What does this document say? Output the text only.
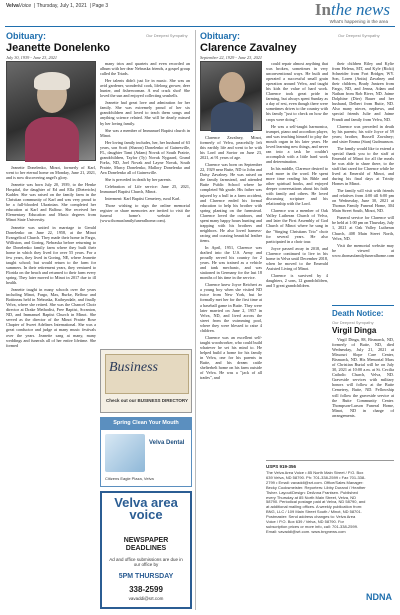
VelvaVoice  | Thursday, July 1, 2021  | Page 3	Inthe news
What's happening in the area
Obituary:	Our Deepest Sympathy
Jeanette Donelenko
July 30, 1939 - June 23, 2021

Jeanette Donelenko, Minot, formerly of Karl, went to her eternal home on Monday, June 21, 2021, and is now discovering angel's glory.

Jeanette was born July 20, 1939, to the Henke Hospital, the daughter of Ed and Ella (Dieterichs) Kadder. She was raised on the family farm in the Christian community of Karl and was very proud to be a full-blooded Ukrainian. She completed her education at Karl and Balfour. She received her Elementary Education and Music degrees from Minot State University.

Jeanette was united in marriage to Gerald Donelenko on June 22, 1958, at the Minot Evangelical Church. They made their home in Fargo, Williston, and Goring, Nebraska before returning to the Donelenko family farm where they built their home in which they lived for over 55 years. For a few years, they lived in Goring, NE, where Jeanette taught school; but would return to the farm for summers. In their retirement years, they ventured to Florida on the beach and returned to their farm every spring. They later moved to Minot in 2017 due to ill health.

Jeanette taught in many schools over the years including Minot, Fargo, Max, Burke, Belfour and Bottineau held in Nebraska, Kathryndale, and finally Velva, where she retired. She was the Chancel Choir director at Drake Methodist, Free Baptist, Scranton, ND, and Immanuel Baptist Church in Minot. She served as the director of the Minot Prairie Rose Chapter of Sweet Adelines International. She was a great conductor and judge at many music festivals over the years. Jeanette sang at many, many weddings and funerals all of her entire lifetime. She formed

many trios and quartets and even recorded an album with her dear Nebraska friends, a gospel group called the Triads.

Her talents didn't just lie in music. She was an avid gardener, wonderful cook, lifelong grower, deer hunter, and fisherwoman. A real crack shot! She loved the sun and enjoyed collecting seashells.

Jeanette had great love and admiration for her family. She was extremely proud of her six grandchildren and loved to teach them songs and anything science related. She will be dearly missed by her loving family.

She was a member of Immanuel Baptist church in Minot.

Her loving family includes, her, her husband of 63 years, son Scott (Sharon) Donelenko of Gainesville, FL, daughter Tami (Adam) Novak of South Prairie, grandchildren, Taylor (Ty) Novak Nygaard, Grand Forks, ND, Joel Novak and Layne Novak, South Prairie, Marcy Donelenko, Mallory Donelenko and Ava Donelenko all of Gainesville.

She is preceded in death by her parents.

Celebration of Life service: June 25, 2021, Immanuel Baptist Church, Minot.

Interment: Karl Baptist Cemetery, rural Karl.

Those wishing to sign the online memorial register or share memories are invited to visit the funeral home's website at (www.thomasfamilyfuneralhome.com).

Business
Check out our BUSINESS DIRECTORY
Spring Clean Your Mouth
Velva Dental
Citizens Eagle Plaza, Velva
Velva area voice
NEWSPAPER DEADLINES
Ad and office submissions are due in our office by
5PM THURSDAY
338-2599
vavaddi@srt.com
Obituary:	Our Deepest Sympathy
Clarence Zavalney
September 22, 1929 - June 23, 2021

Clarence Zavalney, Minot, formerly of Velva, peacefully left this earthly life and went to be with his Lord and Savior on June 23, 2021, at 91 years of age.

Clarence was born on September 22, 1929 near Butte, ND to John and Daisy Zavalney. He was raised on the family farmstead, and attended Butte Public School where he completed 9th grade. His father was injured by a bull in a farm accident, and Clarence ended his formal education to help his brother with spring planting on the farmstead. Clarence loved the outdoors, and spent many happy hours hunting and trapping with his brothers and neighbors. He also loved harness-racing and coaxing beautiful leather items.

In April, 1951, Clarence was drafted into the U.S. Army and proudly served his country for 2 years. He was trained as a vehicle and tank mechanic, and was stationed in Germany for the last 18 months of his time in the service.

Clarence knew Joyce Reichert as a young boy when she visited ND twice from New York, but he formally met her for the first time at a baseball game in Butte. They were later married on June 2, 1957 in Velva, ND, and lived across the street from the swimming pool, where they were blessed to raise 4 children.

Clarence was an excellent self-taught woodworker, who could build whatever he set his mind to. He helped build a home for his family in Velva, one for his parents in Butte, and his dream cattle shelterbelt home on his farm outside of Velva. He was a "jack of all trades", and

could repair almost anything that was broken, sometimes in very unconventional ways. He built and operated a successful small grain operation around Velva, and taught his kids the value of hard work. Clarence took great pride in farming, but always spent Sunday as a day of rest, even though there were sometimes drives to the country with his family "just to check on how the crops were doing".

He was a self-taught harmonica, trumpet, piano and accordion player, and was teaching himself to play the mouth organ in his later years. He loved learning new things, and never ran into a task he couldn't accomplish with a little hard work and determination.

In his middle, Clarence desired to read more in the word. He spent more time reading his Bible and other spiritual books, and enjoyed deeper conversations about his faith with family and others. He loved discussing scripture and his relationship with the Lord.

Clarence was a member of Oak Valley Lutheran Church of Velva, and later the First Assembly of God Church of Minot where he sang in the "Singing Christians Trio" choir for several years. He also participated in a choir tour.

Joyce passed away in 2018, and Clarence continued to live in his home in Velva until December 2018, when he moved to the Emerald Assisted Living of Minot.

Clarence is survived by 4 daughters, 2 sons, 12 grandchildren, and 5 great grandchildren.

their children Riley and Kylie from Helena, MT, and Kyle (Ricki) Schneider from Fort Bridger, WY. Son, Loren (Anita) Zavalney and their children, Brady Jantzen from Fargo, ND, and Jenna, Adam and Nathan from Rob River, ND. Jaime Dolphine (Dier) Bauer and her husband, Delbert from Butte, ND. Also many nieces, nephews, and special friends Julie and Jaime Frandi and family from Velva, ND.

Clarence was preceded in death by his parents; his wife Joyce of 59 years; brother, Russell Zavalney; and sister Emma (Stan) Gudmunson.

The family would like to extend a special thank you to the staff at Emerald of Minot for all the meals he was able to share there, to the staff that cared for Clarence while he lived at Emerald of Minot, and during his final days at Trinity Homes in Minot.

The family will visit with friends and relatives from 4:00 till 6:00 pm on Wednesday, June 30, 2021 at Thomas Family Funeral Home, 304 Main Street South, Minot, ND.

Funeral service for Clarence will be held at 1:00 pm on Thursday, July 1, 2021 at Oak Valley Lutheran Church, 408 Main Street North, Velva, ND.

Visit the memorial website may be viewed at www.thomasfamilyfuneralhome.com

Death Notice:
Our Deepest Sympathy
Virgil Dinga

Virgil Dinga, 88, Bismarck, ND, formerly of Butte, ND, died Wednesday, July 21, 2021 at Missouri Slope Care Center, Bismarck, ND. His Memorial Mass of Christian Burial will be on July 30, 2021 at 10:00 a.m. at St. Cecilia Catholic Church, Velva, ND. Graveside services with military honors will follow at the Butte Cemetery, Butte, ND. Fellowship will follow the graveside service at the Butte Community Center. Thompson-Larson Funeral Home, Minot, ND in charge of arrangements.

USPS 919-356
The Velva Area Voice • 85 North Main Street / P.O. Box 639 Velva, ND 58790. Ph: 701-338-2599 • Fax 701-338-2799 • Email: vavaddi@srt.com. Office/Sales Manager: Becky Cooksmeister. Reporters: Libby Durand / Heather Tisher. Layout/Design: DeAnna Frantsen. Published every Thursday at 85 North Main Street, Velva, ND 58790. Periodical postage paid at Velva, ND 58790, and at additional mailing offices. A weekly publication from: BNG, LLC / 109 Main Street South / Minot, ND 58701. Postmaster: Send address changes to: Velva Area Voice / P.O. Box 639 / Velva, ND 58790. For subscription prices or more info, call: 701-338-2599. Email: vavaddi@srt.com. www.bngnews.com
NDNA
